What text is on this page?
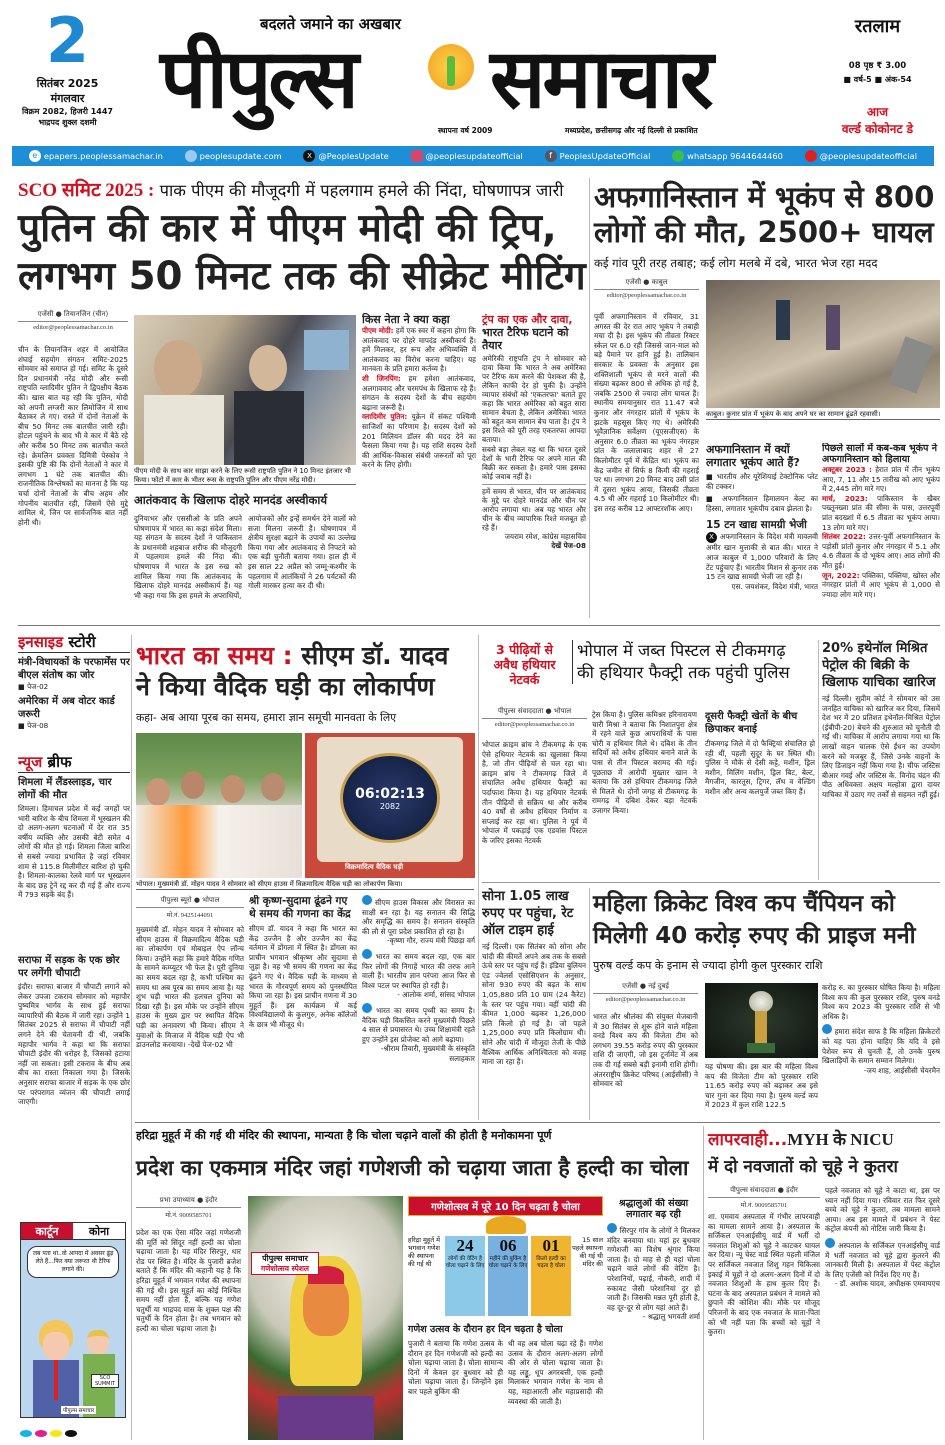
2
सितंबर 2025
मंगलवार
विक्रम 2082, हिजरी 1447
भाद्रपद शुक्ल दशमी
बदलते जमाने का अखबार
पीपुल्स समाचार
स्थापना वर्ष 2009	मध्यप्रदेश, छत्तीसगढ़ और नई दिल्ली से प्रकाशित
रतलाम
08 पृष्ठ ₹ 3.00
■ वर्ष-5 ■ अंक-54
आज
वर्ल्ड कोकोनट डे
e epapers.peoplessamachar.in	peoplesupdate.com	X @PeoplesUpdate	@peoplesupdateofficial	f PeoplesUpdateOfficial	whatsapp 9644644460	@peoplesupdateofficial
SCO समिट 2025 : पाक पीएम की मौजूदगी में पहलगाम हमले की निंदा, घोषणापत्र जारी
पुतिन की कार में पीएम मोदी की ट्रिप,
लगभग 50 मिनट तक की सीक्रेट मीटिंग
एजेंसी ● तियानजिन (चीन)
editor@peoplessamachar.co.in
चीन के तियानजिन शहर में आयोजित शंघाई सहयोग संगठन समिट-2025 सोमवार को समाप्त हो गई। समिट के दूसरे दिन प्रधानमंत्री नरेंद्र मोदी और रूसी राष्ट्रपति व्लादिमीर पुतिन ने द्विपक्षीय बैठक की। खास बात यह रही कि पुतिन, मोदी को अपनी लग्जरी कार लिमोजिन में साथ बैठाकर ले गए। रास्ते में दोनों नेताओं के बीच 50 मिनट तक बातचीत जारी रही। होटल पहुंचने के बाद भी वे कार में बैठे रहे और करीब 50 मिनट तक बातचीत करते रहे। क्रेमलिन प्रवक्ता दिमित्री पेस्कोव ने इसकी पुष्टि की कि दोनों नेताओं ने कार में लगभग 1 घंटे तक बातचीत की। राजनीतिक विश्लेषकों का मानना है कि यह चर्चा दोनों नेताओं के बीच अहम और गोपनीय बातचीत रही, जिसमें ऐसे मुद्दे शामिल थे, जिन पर सार्वजनिक बात नहीं होनी थी।
पीएम मोदी के साथ कार साझा करने के लिए रूसी राष्ट्रपति पुतिन ने 10 मिनट इंतजार भी किया। फोटो में कार के भीतर रूस के राष्ट्रपति पुतिन और पीएम नरेंद्र मोदी।
आतंकवाद के खिलाफ दोहरे मानदंड अस्वीकार्य
दुनियाभर और एससीओ के प्रति अपने घोषणापत्र में भारत का कड़ा संदेश मिला। यह संगठन के सदस्य देशों ने पाकिस्तान के प्रधानमंत्री शहबाज शरीफ की मौजूदगी में पहलगाम हमले की निंदा की। घोषणापत्र में भारत के इस रुख को शामिल किया गया कि आतंकवाद के खिलाफ दोहरे मानदंड अस्वीकार्य हैं। यह भी कहा गया कि इस हमले के अपराधियों,
आयोजकों और इन्हें समर्थन देने वालों को सजा मिलना जरूरी है। घोषणापत्र में क्षेत्रीय सुरक्षा बढ़ाने के उपायों का उल्लेख किया गया और आतंकवाद से निपटने को एक बड़ी चुनौती बताया गया। हाल ही में इस साल 22 अप्रैल को जम्मू-कश्मीर के पहलगाम में आतंकियों ने 26 पर्यटकों की गोली मारकर हत्या कर दी थी।
किस नेता ने क्या कहा
पीएम मोदी: हमें एक स्वर में कहना होगा कि आतंकवाद पर दोहरे मापदंड अस्वीकार्य हैं। हमें मिलकर, हर रूप और अभिव्यक्ति में आतंकवाद का विरोध करना चाहिए। यह मानवता के प्रति हमारा कर्तव्य है।
शी जिनपिंग: हम हमेशा आतंकवाद, अलगाववाद और चरमपंथ के खिलाफ रहे हैं। संगठन के सदस्य देशों के बीच सहयोग बढ़ाना जरूरी है।
व्लादिमीर पुतिन: यूक्रेन में संकट पश्चिमी साजिशों का परिणाम है। सदस्य देशों को 201 मिलियन डॉलर की मदद देने का फैसला किया गया है। यह राशि सदस्य देशों की आर्थिक-विकास संबंधी जरूरतों को पूरा करने के लिए होगी।
ट्रंप का एक और दावा, भारत टैरिफ घटाने को तैयार
अमेरिकी राष्ट्रपति ट्रंप ने सोमवार को दावा किया कि भारत ने अब अमेरिका पर टैरिफ कम करने की पेशकश की है, लेकिन काफी देर हो चुकी है। उन्होंने व्यापार संबंधों को 'एकतरफा' बताते हुए कहा कि भारत अमेरिका को बहुत सारा सामान बेचता है, लेकिन अमेरिका भारत को बहुत कम सामान बेच पाता है। ट्रंप ने इस रिश्ते को पूरी तरह एकतरफा आपदा बताया।
सबसे बड़ा लेबल यह था कि भारत दूसरे देशों के भारी टैरिफ पर अपने माल की बिक्री कर सकता है। हमारे पास इसका कोई जवाब नहीं है।
हमें समय से भारत, चीन पर आतंकवाद के मुद्दे पर दोहरे मानदंड और चीन पर आरोप लगाया था। अब यह भारत और चीन के बीच व्यापारिक रिश्ते मजबूत हो रहे हैं।
जयराम रमेश, कांग्रेस महासचिव
देखें पेज-08
अफगानिस्तान में भूकंप से 800
लोगों की मौत, 2500+ घायल
कई गांव पूरी तरह तबाह; कई लोग मलबे में दबे, भारत भेज रहा मदद
एजेंसी ● काबुल
editor@peoplessamachar.co.in
पूर्वी अफगानिस्तान में रविवार, 31 अगस्त की देर रात आए भूकंप ने तबाही मचा दी है। इस भूकंप की तीव्रता रिक्टर स्केल पर 6.0 रही जिससे जान-माल को बड़े पैमाने पर हानि हुई है। तालिबान सरकार के प्रवक्ता के अनुसार इस शक्तिशाली भूकंप से मरने वालों की संख्या बढ़कर 800 से अधिक हो गई है, जबकि 2500 से ज्यादा लोग घायल हैं। स्थानीय समयानुसार रात 11.47 बजे कुनार और नंगरहार प्रांतों में भूकंप के झटके महसूस किए गए थे। अमेरिकी भूवैज्ञानिक सर्वेक्षण (यूएसजीएस) के अनुसार 6.0 तीव्रता का भूकंप नंगरहार प्रांत के जलालाबाद शहर से 27 किलोमीटर पूर्व में केंद्रित था। भूकंप का केंद्र जमीन से सिर्फ 8 किमी की गहराई पर था। लगभग 20 मिनट बाद उसी प्रांत में दूसरा भूकंप आया, जिसकी तीव्रता 4.5 थी और गहराई 10 किलोमीटर थी। इस तरह करीब 12 आफ्टरशॉक आए।
काबुल। कुनार प्रांत में भूकंप के बाद अपने घर का सामान ढूंढते रहवासी।
अफगानिस्तान में क्यों लगातार भूकंप आते हैं?
■ भारतीय और यूरेशियाई टेक्टोनिक प्लेट की टक्कर।
■ अफगानिस्तान हिमालयन बेल्ट का हिस्सा, लगातार भूकंपीय दबाव झेलता है।
15 टन खाद्य सामग्री भेजी
X अफगानिस्तान के विदेश मंत्री मावलवी अमीर खान मुत्ताकी से बात की। भारत ने आज काबुल में 1,000 परिवारों के लिए टेंट पहुंचाए हैं। भारतीय मिशन से कुनार तक 15 टन खाद्य सामग्री भेजी जा रही है।
एस. जयशंकर, विदेश मंत्री, भारत
पिछले सालों में कब-कब भूकंप ने अफगानिस्तान को हिलाया
अक्टूबर 2023 : हेरात प्रांत में तीन भूकंप आए, 7, 11 और 15 तारीख को आए भूकंप में 2,445 लोग मारे गए।
मार्च, 2023: पाकिस्तान के खैबर पख्तूनख्वा प्रांत की सीमा के पास, उत्तरपूर्वी प्रांत बदख्शां में 6.5 तीव्रता का भूकंप आया। 13 लोग मारे गए।
सितंबर 2022: उत्तर-पूर्वी अफगानिस्तान के पड़ोसी प्रांतों कुनार और नंगरहार में 5.1 और 4.6 तीव्रता के दो भूकंप आए। आठ लोगों की मौत हुई।
जून, 2022: पक्तिका, पक्तिया, खोस्त और नंगरहार प्रांतों में आए भूकंप से 1,000 से ज्यादा लोग मारे गए।
इनसाइड स्टोरी
मंत्री-विधायकों के परफार्मेंस पर बीएल संतोष का जोर
■ पेज-02
अमेरिका में अब वोटर कार्ड जरूरी
■ पेज-08
न्यूज ब्रीफ
शिमला में लैंडस्लाइड, चार लोगों की मौत
शिमला। हिमाचल प्रदेश में कई जगहों पर भारी बारिश के बीच शिमला में भूस्खलन की दो अलग-अलग घटनाओं में देर रात 35 वर्षीय व्यक्ति और उसकी बेटी समेत 4 लोगों की मौत हो गई। शिमला जिला बारिश से सबसे ज्यादा प्रभावित है जहां रविवार शाम से 115.8 मिलीमीटर बारिश हो चुकी है। शिमला-कालका रेलवे मार्ग पर भूस्खलन के बाद छह ट्रेनें रद्द कर दी गई हैं और राज्य में 793 सड़कें बंद हैं।
सराफा में सड़क के एक छोर पर लगेंगी चौपाटी
इंदौर। सराफा बाजार में चौपाटी लगाने को लेकर उपजा टकराव सोमवार को महापौर पुष्यमित्र भार्गव के साथ हुई सराफा व्यापारियों की बैठक में जारी रहा। उन्होंने 1 सितंबर 2025 से सराफा में चौपाटी नहीं लगने देने की चेतावनी दी थी, जबकि महापौर भार्गव ने कहा था कि सराफा चौपाटी इंदौर की धरोहर है, जिसको हटाया नहीं जा सकता। इसी टकराव के बीच अब बीच का रास्ता निकाला गया है। जिसके अनुसार सराफा बाजार में सड़क के एक छोर पर परंपरागत व्यंजन की चौपाटी लगाई जाएगी।
कार्टून	कोना
जब पता था..वो आपदा में अवसर ढूंढ़ लेते हैं...फिर क्या जरूरत थी टैरिफ लगाने की।
SCO SUMMIT
पीपुल्स समाचार
भारत का समय : सीएम डॉ. यादव
ने किया वैदिक घड़ी का लोकार्पण
कहा- अब आया पूरब का समय, हमारा ज्ञान समूची मानवता के लिए
06:02:13
2082
विक्रमादित्य वैदिक घड़ी
भोपाल। मुख्यमंत्री डॉ. मोहन यादव ने सोमवार को सीएम हाउस में विक्रमादित्य वैदिक घड़ी का लोकार्पण किया।
पीपुल्स ब्यूरो ● भोपाल
मो.नं. 9425144091
मुख्यमंत्री डॉ. मोहन यादव ने सोमवार को सीएम हाउस में विक्रमादित्य वैदिक घड़ी का लोकार्पण एवं मोबाइल ऐप लॉन्च किया। उन्होंने कहा कि हमारे वैदिक गणित के सामने कम्प्यूटर भी फेल है। पूरी दुनिया का समय बदल रहा है, कभी पश्चिम का समय था अब पूरब का समय आया है। यह शुभ घड़ी भारत की हलचल दुनिया को दिखा रही है। इस मौके पर उन्होंने सीएम हाउस के मुख्य द्वार पर स्थापित वैदिक घड़ी का अनावरण भी किया। सीएम ने युवाओं के मिजाज में वैदिक घड़ी ऐप भी डाउनलोड करवाया। -देखें पेज-02 भी
श्री कृष्ण-सुदामा ढूंढने गए थे समय की गणना का केंद्र
सीएम डॉ. यादव ने कहा कि भारत का केंद्र उज्जैन है और उज्जैन का केंद्र वर्तमान में डोंगला में स्थित है। डोंगला का प्राचीन भगवान श्रीकृष्ण और सुदामा से जुड़ा है। वह भी समय की गणना का केंद्र ढूंढने गए थे। वैदिक घड़ी के माध्यम से भारत के गौरवपूर्ण समय को पुनर्स्थापित किया जा रहा है। इस प्राचीन गणना में 30 मुहूर्त हैं। इस कार्यक्रम में कई विश्वविद्यालयों के कुलगुरु, अनेक कॉलेजों के छात्र भी मौजूद थे।
सीएम हाउस विकास और विरासत का साक्षी बन रहा है। यह सनातन की सिद्धि और समृद्धि का समय है। सनातन संस्कृति की लौ से पूरा प्रदेश प्रकाशित हो रहा है।
-कृष्णा गौर, राज्य मंत्री पिछड़ा वर्ग
भारत का समय बदल रहा, एक बार फिर लोगों की निगाहें भारत की तरफ आने वाली हैं। भारतीय ज्ञान परंपरा आज फिर से विश्व पटल पर स्थापित हो रही है।
- आलोक शर्मा, सांसद भोपाल
भारत का समय पृथ्वी का समय है। वैदिक घड़ी विकसित करने मुख्यमंत्री पिछले 4 साल से प्रयासरत थे। उच्च शिक्षामंत्री रहते हुए उन्होंने इस प्रोजेक्ट को आगे बढ़ाया।
-श्रीराम तिवारी, मुख्यमंत्री के संस्कृति सलाहकार
3 पीढ़ियों से अवैध हथियार नेटवर्क
भोपाल में जब्त पिस्टल से टीकमगढ़
की हथियार फैक्ट्री तक पहुंची पुलिस
पीपुल्स संवाददाता ● भोपाल
editor@peoplessamachar.co.in
भोपाल क्राइम ब्रांच ने टीकमगढ़ के एक ऐसे हथियार नेटवर्क का खुलासा किया है, जो तीन पीढ़ियों से चल रहा था। क्राइम ब्रांच ने टीकमगढ़ जिले में संचालित अवैध हथियार फैक्ट्री का पर्दाफाश किया है। यह हथियार नेटवर्क तीन पीढ़ियों से सक्रिय था और करीब 40 वर्षों से अवैध हथियार निर्माण व सप्लाई कर रहा था। पुलिस ने पूर्व में भोपाल में पकड़ाई एक एडवांस पिस्टल के जरिए इसका नेटवर्क
ट्रेस किया है। पुलिस कमिश्नर हरिनारायण चारी मिश्रा ने बताया कि निशातपुरा क्षेत्र में रहने वाले कुछ आपराधियों के पास चोरी व हथियार मिले थे। दबिश के तीन सदियों को अवैध हथियार बनाने वाले के पास से तीन पिस्टल बरामद की गई। पूछताछ में आरोपी मुख्तार खान ने बताया कि उसे हथियार टीकमगढ़ जिले से मिलते थे। दोनों जगह से टीकमगढ़ के रामगढ़ में दबिश देकर बड़ा नेटवर्क उजागर किया।
दूसरी फैक्ट्री खेतों के बीच छिपाकर बनाई
टीकमगढ़ जिले में दो फैक्ट्रियां संचालित हो रही थीं, पहली सुदूर के घर स्थित थी। पुलिस ने मौके से देसी कट्टे, मशीन, ड्रिल मशीन, मिलिंग मशीन, ड्रिल बिट, बेल्ट, मैगजीन, कारतूस, ट्रिगर, लॅथ व वेल्डिंग मशीन और अन्य कलपुर्जे जब्त किए हैं।
20% इथेनॉल मिश्रित पेट्रोल की बिक्री के खिलाफ याचिका खारिज
नई दिल्ली। सुप्रीम कोर्ट ने सोमवार को उस जनहित याचिका को खारिज कर दिया, जिसमें देश भर में 20 प्रतिशत इथेनॉल-मिश्रित पेट्रोल (ईबीपी-20) बेचने की शुरुआत को चुनौती दी गई थी। याचिका में आरोप लगाया गया था कि लाखों वाहन चालक ऐसे ईंधन का उपयोग करने को मजबूर हैं, जिसे उनके वाहनों के लिए डिजाइन नहीं किया गया है। चीफ जस्टिस बीआर गवई और जस्टिस के. विनोद चंद्रन की पीठ अधिवक्ता अक्षय मल्होत्रा द्वारा दायर याचिका में उठाए गए तर्कों से सहमत नहीं हुई।
सोना 1.05 लाख रुपए पर पहुंचा, रेट ऑल टाइम हाई
नई दिल्ली। एक सितंबर को सोना और चांदी की कीमतें अपने अब तक के सबसे ऊंचे स्तर पर पहुंच गई हैं। इंडिया बुलियन एंड ज्वेलर्स एसोसिएशन के अनुसार, सोना 930 रुपए की बढ़त के साथ 1,05,880 प्रति 10 ग्राम (24 कैरेट) के स्तर पर पहुंच गया। वहीं चांदी की कीमत 1,000 बढ़कर 1,26,000 प्रति किलो हो गई है। जो पहले 1,25,000 रुपए प्रति किलोग्राम थी। सोने और चांदी में मौजूदा तेजी के पीछे वैश्विक आर्थिक अनिश्चितता को वजह माना जा रहा है।
महिला क्रिकेट विश्व कप चैंपियन को
मिलेगी 40 करोड़ रुपए की प्राइज मनी
पुरुष वर्ल्ड कप के इनाम से ज्यादा होगी कुल पुरस्कार राशि
एजेंसी ● नई दुबई
editor@peoplessamachar.co.in
भारत और श्रीलंका की संयुक्त मेजबानी में 30 सितंबर से शुरू होने वाले महिला वनडे विश्व कप की विजेता टीम को लगभग 39.55 करोड़ रुपए की पुरस्कार राशि दी जाएगी, जो इस टूर्नामेंट में अब तक दी गई सबसे बड़ी इनामी राशि होगी। अंतरराष्ट्रीय क्रिकेट परिषद (आईसीसी) ने सोमवार को
यह घोषणा की। इस बार की महिला विश्व कप की विजेता टीम को पुरस्कार राशि 11.65 करोड़ रुपए को बढ़ाकर अब इसे चार गुना कर दिया गया है। पुरुष वर्ल्ड कप में 2023 में कुल राशि 122.5
करोड़ रु. का पुरस्कार घोषित किया है। महिला विश्व कप की कुल पुरस्कार राशि, पुरुष वनडे विश्व कप 2023 की पुरस्कार राशि से भी अधिक है।
हमारा संदेश साफ है कि महिला क्रिकेटरों को यह पता होना चाहिए कि यदि वे इसे पेशेवर रूप से चुनती हैं, तो उनके पुरुष खिलाड़ियों के समान सम्मान मिलेगा।
-जय शाह, आईसीसी चेयरमैन
हरिद्रा मुहूर्त में की गई थी मंदिर की स्थापना, मान्यता है कि चोला चढ़ाने वालों की होती है मनोकामना पूर्ण
प्रदेश का एकमात्र मंदिर जहां गणेशजी को चढ़ाया जाता है हल्दी का चोला
प्रभा उपाध्याय ● इंदौर
मो.नं. 9009585701
प्रदेश का एक ऐसा मंदिर जहां गणेशजी की मूर्ति को सिंदूर नहीं हल्दी का चोला चढ़ाया जाता है। यह मंदिर सिरपुर, धार रोड पर स्थित है। मंदिर के पुजारी ब्रजेश बताते हैं कि मंदिर की कहानी यह है कि हरिद्रा मुहूर्त में भगवान गणेश की स्थापना की गई थी। इस मुहूर्त का कोई निश्चित समय नहीं होता है, बल्कि यह गणेश चतुर्थी या भाद्रपद मास के शुक्ल पक्ष की चतुर्थी के दिन होता है। तब भगवान को हल्दी का चोला चढ़ाया जाता है।
पीपुल्स समाचार
गणेशोत्सव स्पेशल
गणेशोत्सव में पूरे 10 दिन चढ़ता है चोला
हरिद्रा मुहूर्त में भगवान गणेश की स्थापना की गई थी
15 साल पहले स्थापना की गई थी मंदिर की
24
लोगों की वेटिंग है चोला चढ़ाने के लिए
06
महीने की बुकिंग है चोला चढ़ाने के लिए
01
किलो हल्दी का चढ़ता है चोला
गणेश उत्सव के दौरान हर दिन चढ़ता है चोला
पुजारी ने बताया कि गणेश उत्सव के दौरान हर दिन गणेशजी को हल्दी का चोला चढ़ाया जाता है। चोला सामान्य दिनों में केवल हर बुधवार को ही चोला चढ़ाया जाता है। जिन्होंने इस बार पहले बुकिंग की
थी वह अब चोला चढ़ा रहे हैं। गणेश उत्सव के दौरान अलग-अलग लोगों की ओर से चोला चढ़ाया जाता है। यह लड्डू, धूप अगरबत्ती, एक हल्दी मिलाकर भगवान गणेश के नाम से यह, महाआरती और महाप्रसादी की व्यवस्था की जाती है।
श्रद्धालुओं की संख्या लगातार बढ़ रही
सिरपुर गांव के लोगों ने मिलकर मंदिर बनवाया था। यहां हर बुधवार गणेशजी का विशेष श्रृंगार किया जाता है। दो माह से ही यहां चोला चढ़ाने वाले लोगों की वेटिंग है। परेशानियों, पढ़ाई, नौकरी, शादी में रुकावट जैसी परेशानियां दूर हो जाती हैं। जिसकी मन्नत पूरी होती है, वह दूर-दूर से लोग यहां आते हैं।
- श्रद्धालु भगवती शर्मा
लापरवाही...MYH के NICU
में दो नवजातों को चूहे ने कुतरा
पीपुल्स संवाददाता ● इंदौर
मो.नं. 9009585701
शा. एमवाय अस्पताल में गंभीर लापरवाही का मामला सामने आया है। अस्पताल के सर्जिकल एनआईसीयू वार्ड में भर्ती दो नवजात शिशुओं को चूहे ने काटकर घायल कर दिया। न्यू चेस्ट वार्ड स्थित पहली मंजिल पर सर्जिकल नवजात शिशु गहन चिकित्सा इकाई में चूहों ने दो अलग-अलग दिनों में दो नवजात शिशुओं के हाथ कुतर दिए हैं। घटना के बाद अस्पताल प्रबंधन ने मामले को छुपाने की कोशिश की। मौके पर मौजूद परिजनों के बाद एक नवजात के माता-पिता को भी नहीं पता कि बच्चों को चूहों ने कुतरा।
पहले नवजात को चूहे ने काटा था, इस पर ध्यान नहीं दिया गया। रविवार रात फिर दूसरे बच्चे को चूहे ने कुतरा, तब मामला सामने आया। अब इस मामले में प्रबंधन ने पेस्ट कंट्रोल कंपनी को नोटिस जारी किया है।
अस्पताल के सर्जिकल एनआईसीयू वार्ड में भर्ती नवजात को चूहे द्वारा कुतरने की जानकारी मिली है। अस्पताल में पेस्ट कंट्रोल के लिए एजेंसी को निर्देश दिए गए हैं।
- डॉ. अशोक यादव, अधीक्षक एमवायएच
